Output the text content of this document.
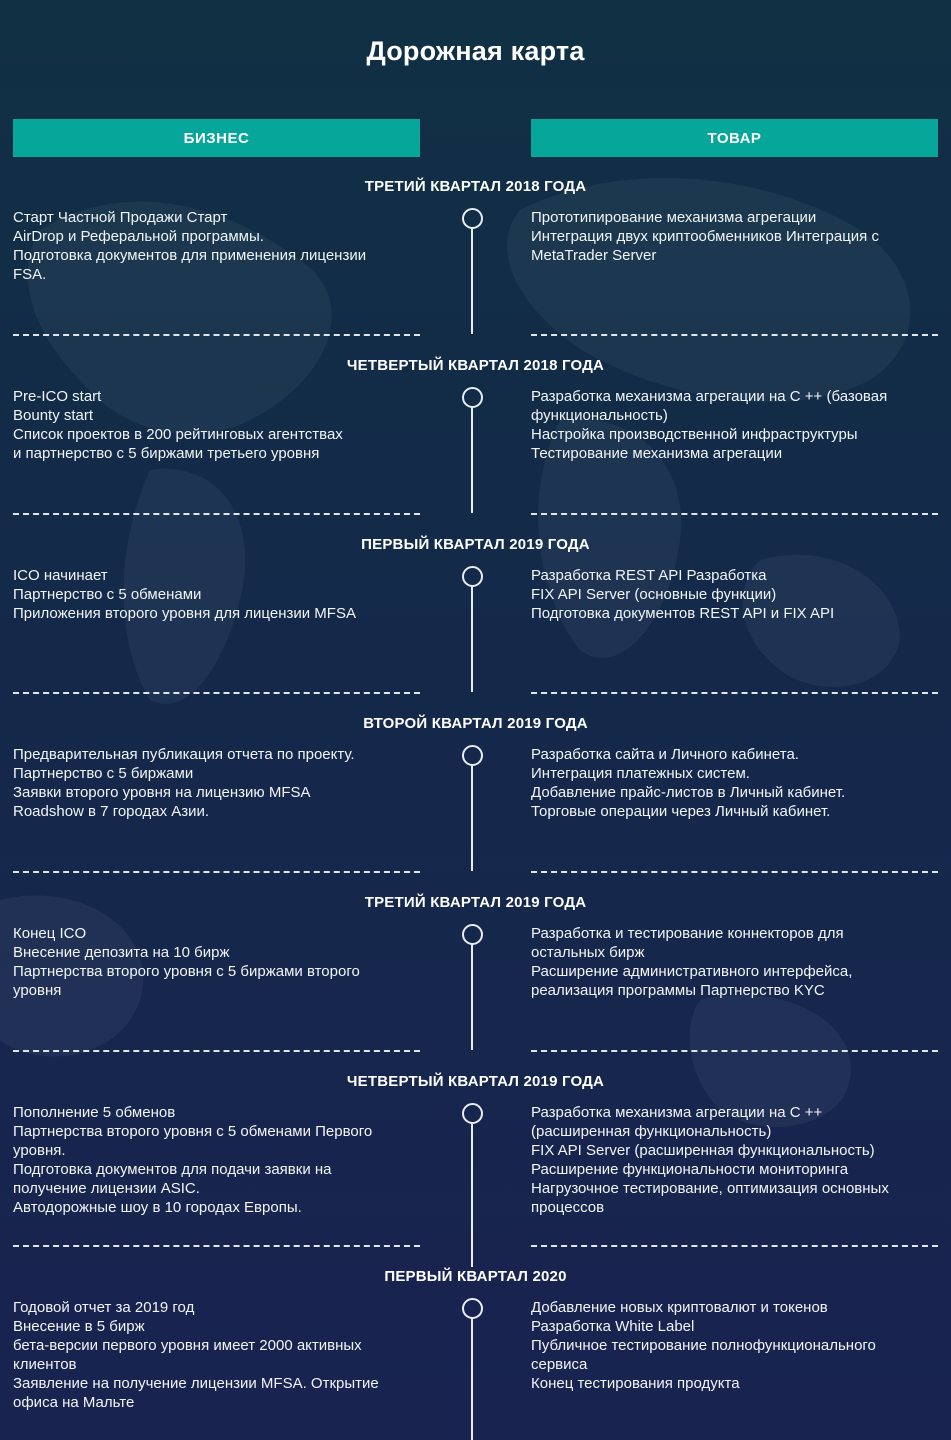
Дорожная карта
БИЗНЕС	ТОВАР
ТРЕТИЙ КВАРТАЛ 2018 ГОДА
Старт Частной Продажи Старт
AirDrop и Реферальной программы.
Подготовка документов для применения лицензии
FSA.
Прототипирование механизма агрегации
Интеграция двух криптообменников Интеграция с
MetaTrader Server
ЧЕТВЕРТЫЙ КВАРТАЛ 2018 ГОДА
Pre-ICO start
Bounty start
Список проектов в 200 рейтинговых агентствах
и партнерство с 5 биржами третьего уровня
Разработка механизма агрегации на C ++ (базовая
функциональность)
Настройка производственной инфраструктуры
Тестирование механизма агрегации
ПЕРВЫЙ КВАРТАЛ 2019 ГОДА
ICO начинает
Партнерство с 5 обменами
Приложения второго уровня для лицензии MFSA
Разработка REST API Разработка
FIX API Server (основные функции)
Подготовка документов REST API и FIX API
ВТОРОЙ КВАРТАЛ 2019 ГОДА
Предварительная публикация отчета по проекту.
Партнерство с 5 биржами
Заявки второго уровня на лицензию MFSA
Roadshow в 7 городах Азии.
Разработка сайта и Личного кабинета.
Интеграция платежных систем.
Добавление прайс-листов в Личный кабинет.
Торговые операции через Личный кабинет.
ТРЕТИЙ КВАРТАЛ 2019 ГОДА
Конец ICO
Внесение депозита на 10 бирж
Партнерства второго уровня с 5 биржами второго
уровня
Разработка и тестирование коннекторов для
остальных бирж
Расширение административного интерфейса,
реализация программы Партнерство KYC
ЧЕТВЕРТЫЙ КВАРТАЛ 2019 ГОДА
Пополнение 5 обменов
Партнерства второго уровня с 5 обменами Первого
уровня.
Подготовка документов для подачи заявки на
получение лицензии ASIC.
Автодорожные шоу в 10 городах Европы.
Разработка механизма агрегации на C ++
(расширенная функциональность)
FIX API Server (расширенная функциональность)
Расширение функциональности мониторинга
Нагрузочное тестирование, оптимизация основных
процессов
ПЕРВЫЙ КВАРТАЛ 2020
Годовой отчет за 2019 год
Внесение в 5 бирж
бета-версии первого уровня имеет 2000 активных
клиентов
Заявление на получение лицензии MFSA. Открытие
офиса на Мальте
Добавление новых криптовалют и токенов
Разработка White Label
Публичное тестирование полнофункционального
сервиса
Конец тестирования продукта
